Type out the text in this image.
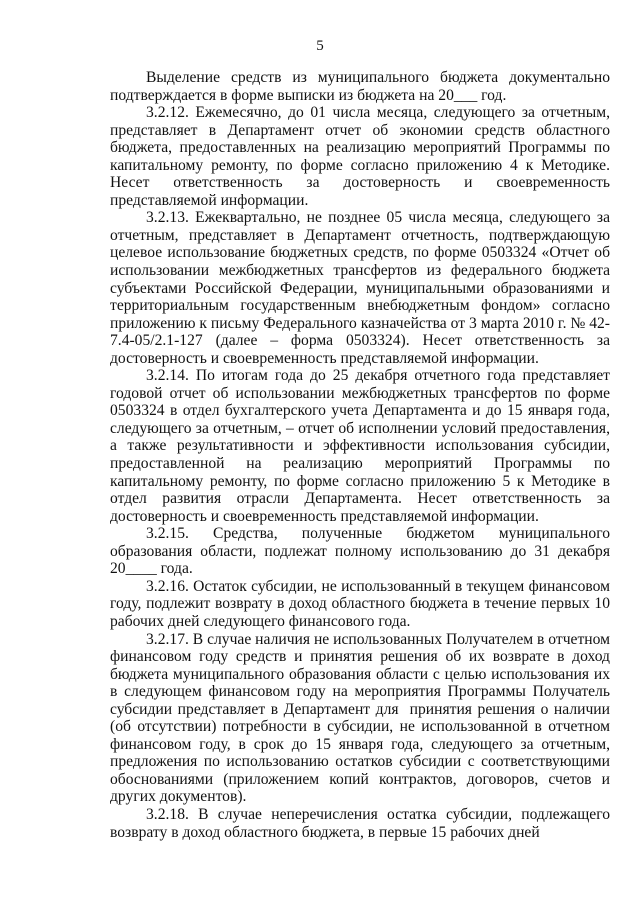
5

Выделение средств из муниципального бюджета документально подтверждается в форме выписки из бюджета на 20___ год.

3.2.12. Ежемесячно, до 01 числа месяца, следующего за отчетным, представляет в Департамент отчет об экономии средств областного бюджета, предоставленных на реализацию мероприятий Программы по капитальному ремонту, по форме согласно приложению 4 к Методике. Несет ответственность за достоверность и своевременность представляемой информации.

3.2.13. Ежеквартально, не позднее 05 числа месяца, следующего за отчетным, представляет в Департамент отчетность, подтверждающую целевое использование бюджетных средств, по форме 0503324 «Отчет об использовании межбюджетных трансфертов из федерального бюджета субъектами Российской Федерации, муниципальными образованиями и территориальным государственным внебюджетным фондом» согласно приложению к письму Федерального казначейства от 3 марта 2010 г. № 42-7.4-05/2.1-127 (далее – форма 0503324). Несет ответственность за достоверность и своевременность представляемой информации.

3.2.14. По итогам года до 25 декабря отчетного года представляет годовой отчет об использовании межбюджетных трансфертов по форме 0503324 в отдел бухгалтерского учета Департамента и до 15 января года, следующего за отчетным, – отчет об исполнении условий предоставления, а также результативности и эффективности использования субсидии, предоставленной на реализацию мероприятий Программы по капитальному ремонту, по форме согласно приложению 5 к Методике в отдел развития отрасли Департамента. Несет ответственность за достоверность и своевременность представляемой информации.

3.2.15. Средства, полученные бюджетом муниципального образования области, подлежат полному использованию до 31 декабря 20____ года.

3.2.16. Остаток субсидии, не использованный в текущем финансовом году, подлежит возврату в доход областного бюджета в течение первых 10 рабочих дней следующего финансового года.

3.2.17. В случае наличия не использованных Получателем в отчетном финансовом году средств и принятия решения об их возврате в доход бюджета муниципального образования области с целью использования их в следующем финансовом году на мероприятия Программы Получатель субсидии представляет в Департамент для  принятия решения о наличии (об отсутствии) потребности в субсидии, не использованной в отчетном финансовом году, в срок до 15 января года, следующего за отчетным, предложения по использованию остатков субсидии с соответствующими обоснованиями (приложением копий контрактов, договоров, счетов и других документов).

3.2.18. В случае неперечисления остатка субсидии, подлежащего возврату в доход областного бюджета, в первые 15 рабочих дней
